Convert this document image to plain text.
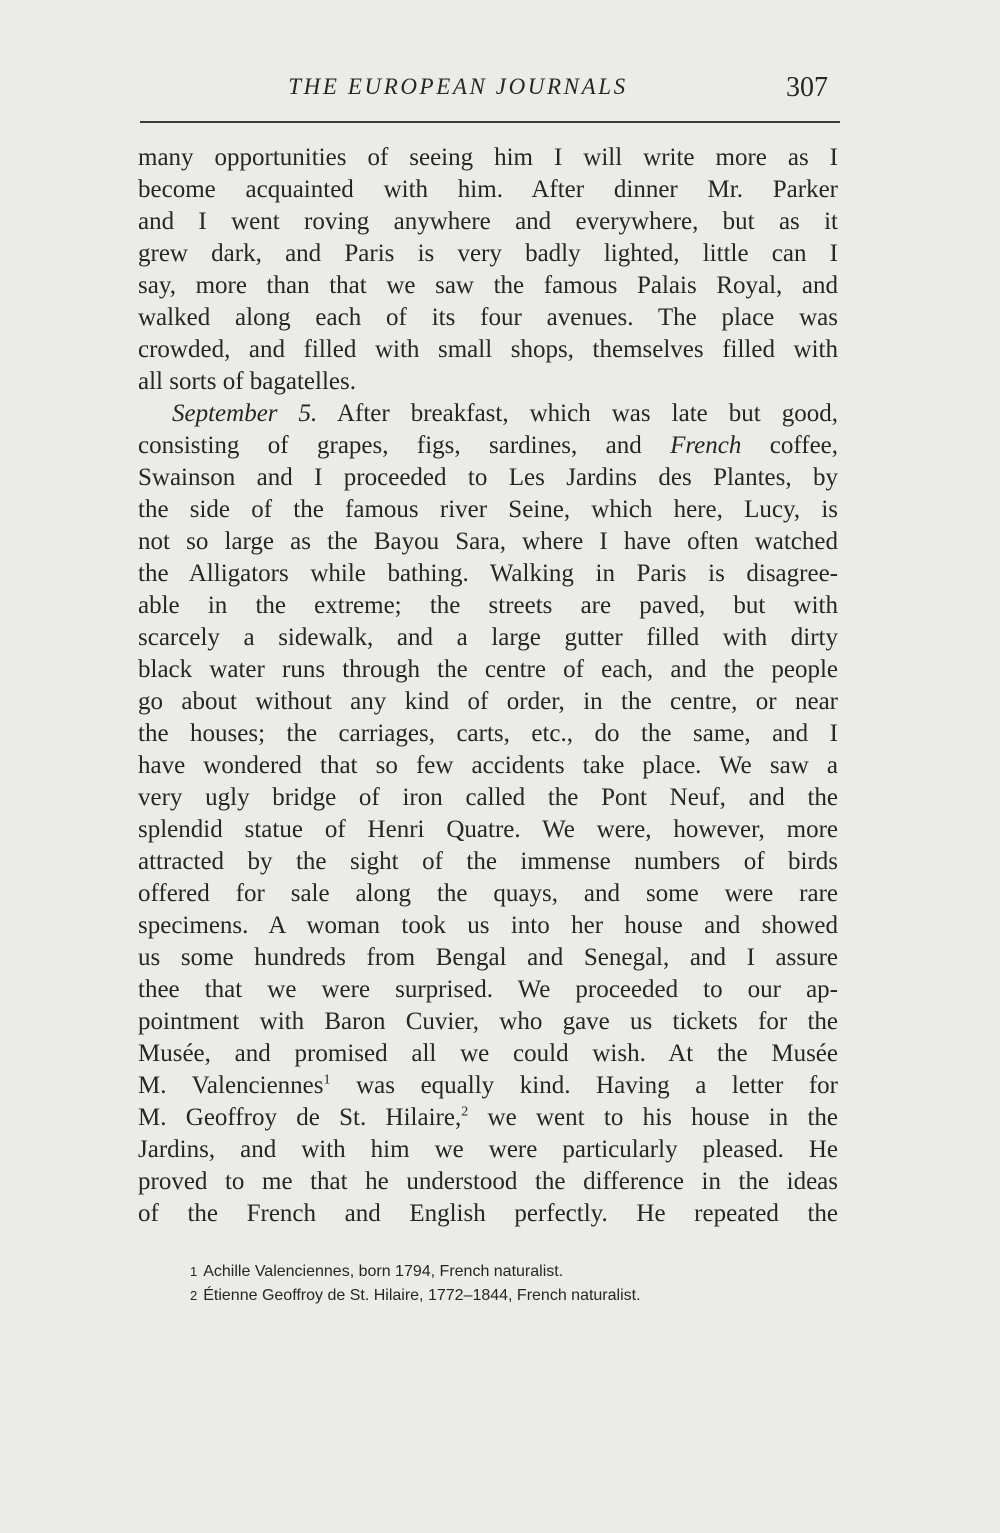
THE EUROPEAN JOURNALS	307

many opportunities of seeing him I will write more as I

become acquainted with him. After dinner Mr. Parker

and I went roving anywhere and everywhere, but as it

grew dark, and Paris is very badly lighted, little can I

say, more than that we saw the famous Palais Royal, and

walked along each of its four avenues. The place was

crowded, and filled with small shops, themselves filled with

all sorts of bagatelles.

September 5. After breakfast, which was late but good,

consisting of grapes, figs, sardines, and French coffee,

Swainson and I proceeded to Les Jardins des Plantes, by

the side of the famous river Seine, which here, Lucy, is

not so large as the Bayou Sara, where I have often watched

the Alligators while bathing. Walking in Paris is disagree-

able in the extreme; the streets are paved, but with

scarcely a sidewalk, and a large gutter filled with dirty

black water runs through the centre of each, and the people

go about without any kind of order, in the centre, or near

the houses; the carriages, carts, etc., do the same, and I

have wondered that so few accidents take place. We saw a

very ugly bridge of iron called the Pont Neuf, and the

splendid statue of Henri Quatre. We were, however, more

attracted by the sight of the immense numbers of birds

offered for sale along the quays, and some were rare

specimens. A woman took us into her house and showed

us some hundreds from Bengal and Senegal, and I assure

thee that we were surprised. We proceeded to our ap-

pointment with Baron Cuvier, who gave us tickets for the

Musée, and promised all we could wish. At the Musée

M. Valenciennes$^1$ was equally kind. Having a letter for

M. Geoffroy de St. Hilaire,$^2$ we went to his house in the

Jardins, and with him we were particularly pleased. He

proved to me that he understood the difference in the ideas

of the French and English perfectly. He repeated the

1 Achille Valenciennes, born 1794, French naturalist.

2 Étienne Geoffroy de St. Hilaire, 1772–1844, French naturalist.
